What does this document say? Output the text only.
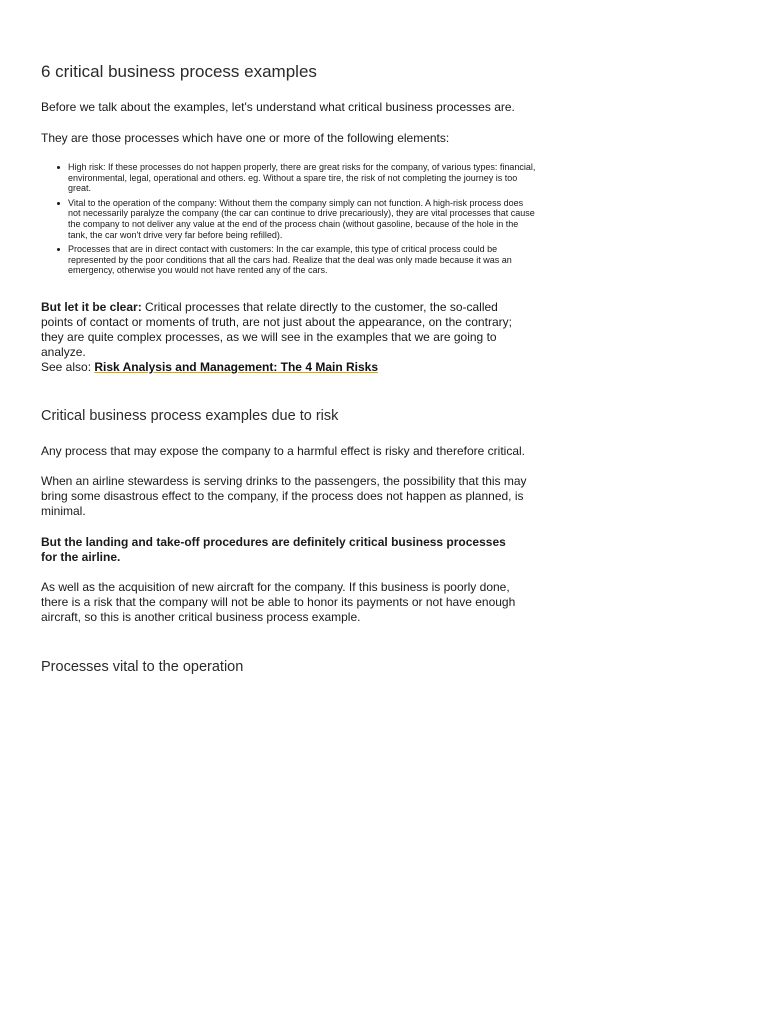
6 critical business process examples

Before we talk about the examples, let's understand what critical business processes are.

They are those processes which have one or more of the following elements:

High risk: If these processes do not happen properly, there are great risks for the company, of various types: financial, environmental, legal, operational and others. eg. Without a spare tire, the risk of not completing the journey is too great.
Vital to the operation of the company: Without them the company simply can not function. A high-risk process does not necessarily paralyze the company (the car can continue to drive precariously), they are vital processes that cause the company to not deliver any value at the end of the process chain (without gasoline, because of the hole in the tank, the car won't drive very far before being refilled).
Processes that are in direct contact with customers: In the car example, this type of critical process could be represented by the poor conditions that all the cars had. Realize that the deal was only made because it was an emergency, otherwise you would not have rented any of the cars.

But let it be clear: Critical processes that relate directly to the customer, the so-called points of contact or moments of truth, are not just about the appearance, on the contrary; they are quite complex processes, as we will see in the examples that we are going to analyze.

See also: Risk Analysis and Management: The 4 Main Risks

Critical business process examples due to risk

Any process that may expose the company to a harmful effect is risky and therefore critical.

When an airline stewardess is serving drinks to the passengers, the possibility that this may bring some disastrous effect to the company, if the process does not happen as planned, is minimal.

But the landing and take-off procedures are definitely critical business processes for the airline.

As well as the acquisition of new aircraft for the company. If this business is poorly done, there is a risk that the company will not be able to honor its payments or not have enough aircraft, so this is another critical business process example.

Processes vital to the operation
